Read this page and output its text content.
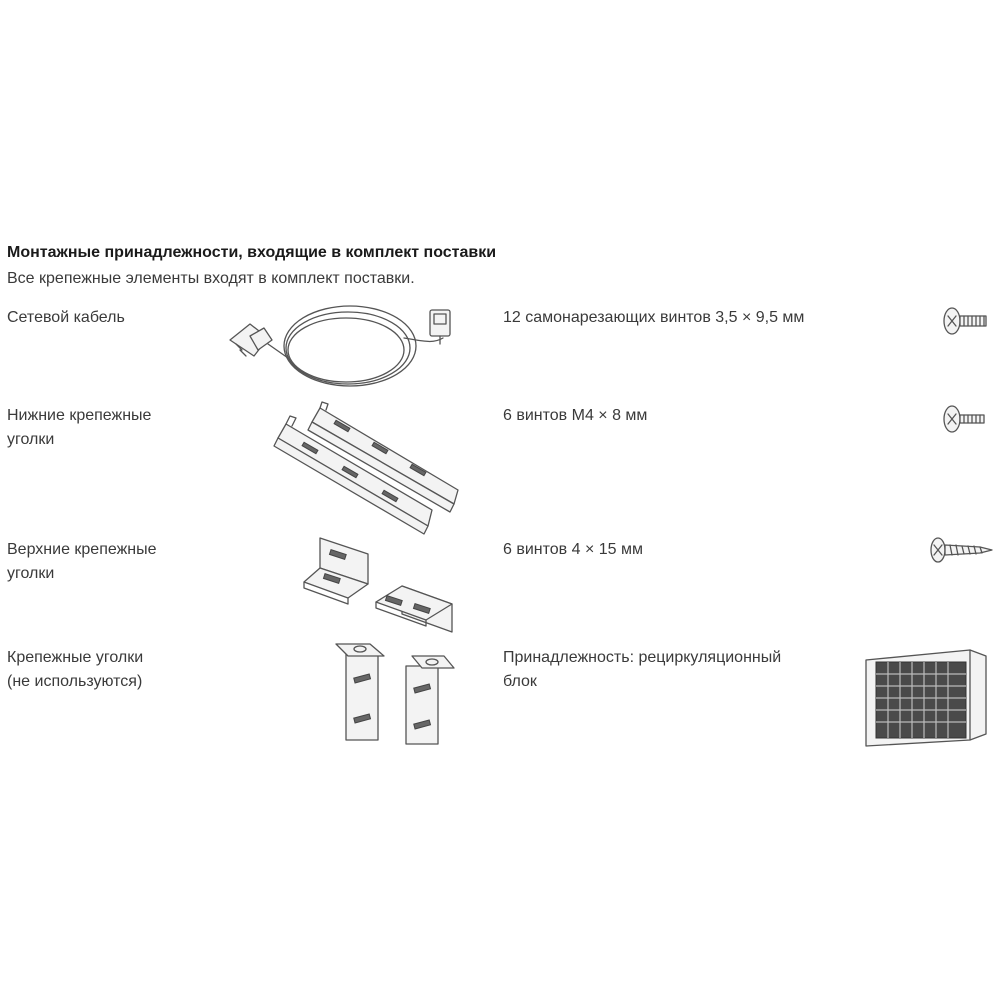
Монтажные принадлежности, входящие в комплект поставки
Все крепежные элементы входят в комплект поставки.
Сетевой кабель	12 самонарезающих винтов 3,5 × 9,5 мм
Нижние крепежные
уголки
6 винтов М4 × 8 мм
Верхние крепежные
уголки
6 винтов 4 × 15 мм
Крепежные уголки
(не используются)
Принадлежность: рециркуляционный
блок
